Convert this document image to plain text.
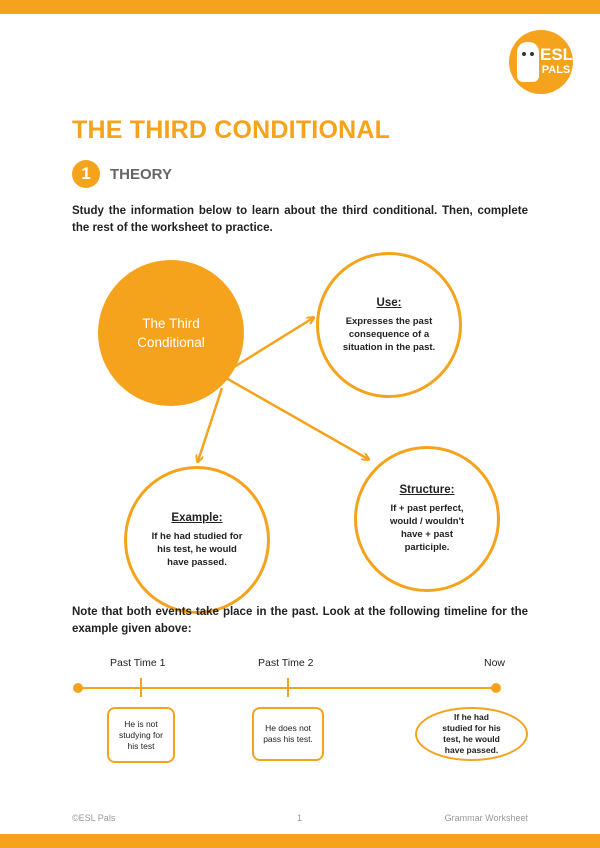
ESL
PALS
THE THIRD CONDITIONAL
1	THEORY

Study the information below to learn about the third conditional. Then, complete the rest of the worksheet to practice.

The Third
Conditional
Use:
Expresses the past consequence of a situation in the past.
Example:
If he had studied for his test, he would have passed.
Structure:
If + past perfect, would / wouldn't have + past participle.

Note that both events take place in the past. Look at the following timeline for the example given above:

Past Time 1	Past Time 2	Now
He is not studying for his test
He does not pass his test.
If he had studied for his test, he would have passed.
©ESL Pals	1	Grammar Worksheet
